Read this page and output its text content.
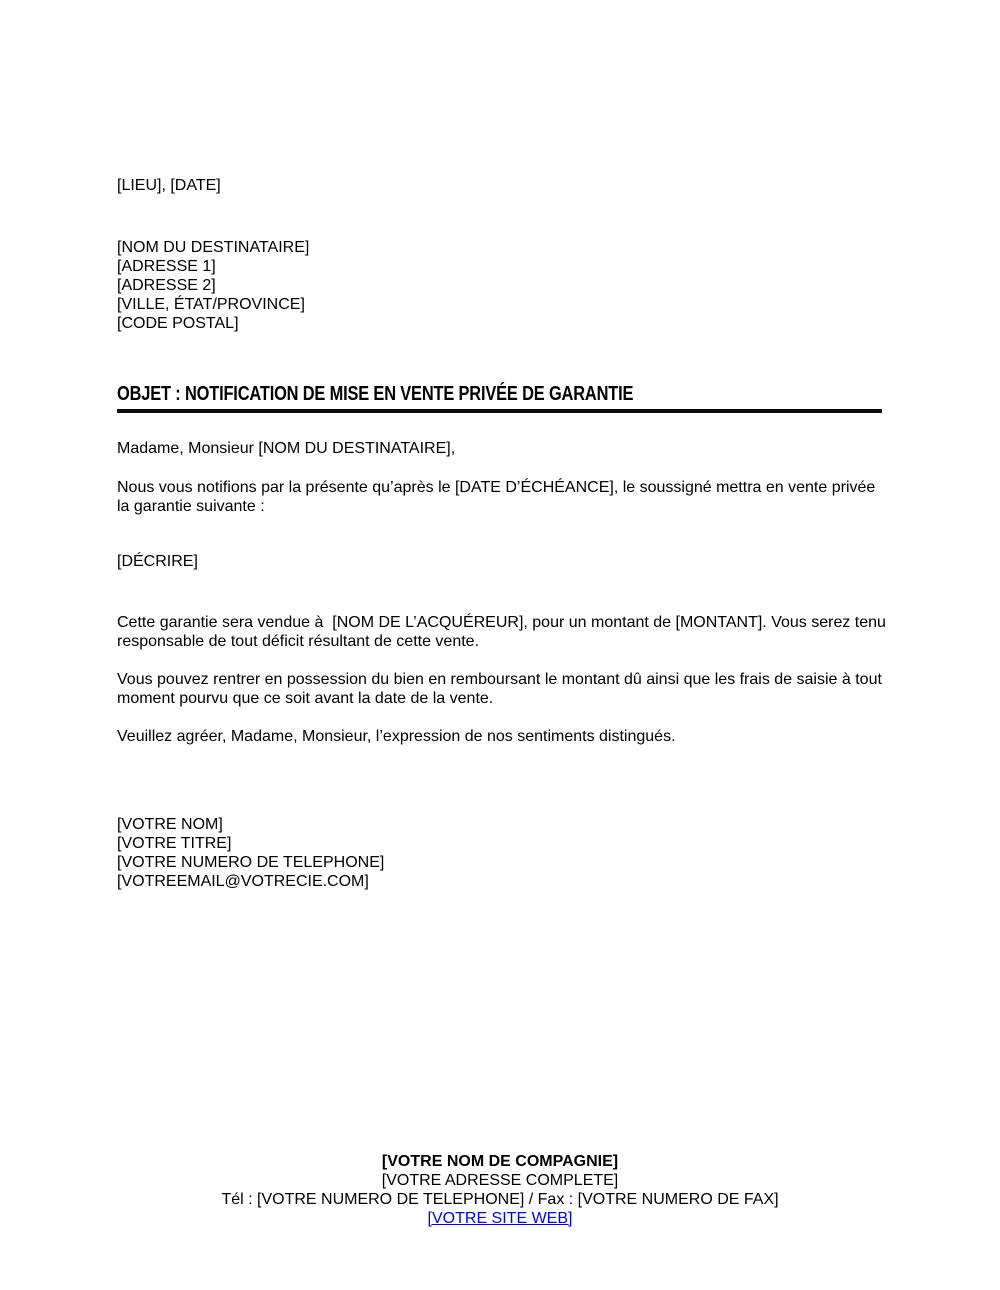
[LIEU], [DATE]
[NOM DU DESTINATAIRE]
[ADRESSE 1]
[ADRESSE 2]
[VILLE, ÉTAT/PROVINCE]
[CODE POSTAL]
OBJET : NOTIFICATION DE MISE EN VENTE PRIVÉE DE GARANTIE
Madame, Monsieur [NOM DU DESTINATAIRE],
Nous vous notifions par la présente qu’après le [DATE D’ÉCHÉANCE], le soussigné mettra en vente privée la garantie suivante :
[DÉCRIRE]
Cette garantie sera vendue à  [NOM DE L’ACQUÉREUR], pour un montant de [MONTANT]. Vous serez tenu responsable de tout déficit résultant de cette vente.
Vous pouvez rentrer en possession du bien en remboursant le montant dû ainsi que les frais de saisie à tout moment pourvu que ce soit avant la date de la vente.
Veuillez agréer, Madame, Monsieur, l’expression de nos sentiments distingués.
[VOTRE NOM]
[VOTRE TITRE]
[VOTRE NUMERO DE TELEPHONE]
[VOTREEMAIL@VOTRECIE.COM]
[VOTRE NOM DE COMPAGNIE]
[VOTRE ADRESSE COMPLETE]
Tél : [VOTRE NUMERO DE TELEPHONE] / Fax : [VOTRE NUMERO DE FAX]
[VOTRE SITE WEB]
